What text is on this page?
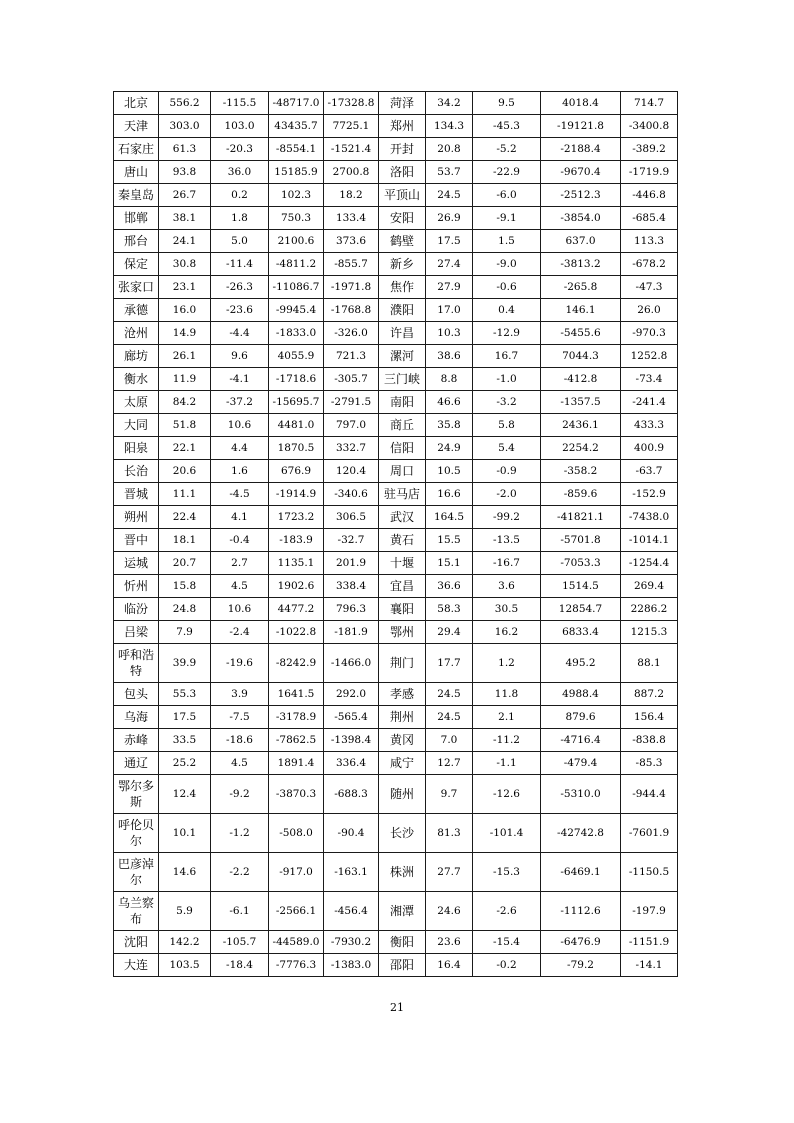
北京	556.2	-115.5	-48717.0	-17328.8	菏泽	34.2	9.5	4018.4	714.7
天津	303.0	103.0	43435.7	7725.1	郑州	134.3	-45.3	-19121.8	-3400.8
石家庄	61.3	-20.3	-8554.1	-1521.4	开封	20.8	-5.2	-2188.4	-389.2
唐山	93.8	36.0	15185.9	2700.8	洛阳	53.7	-22.9	-9670.4	-1719.9
秦皇岛	26.7	0.2	102.3	18.2	平顶山	24.5	-6.0	-2512.3	-446.8
邯郸	38.1	1.8	750.3	133.4	安阳	26.9	-9.1	-3854.0	-685.4
邢台	24.1	5.0	2100.6	373.6	鹤壁	17.5	1.5	637.0	113.3
保定	30.8	-11.4	-4811.2	-855.7	新乡	27.4	-9.0	-3813.2	-678.2
张家口	23.1	-26.3	-11086.7	-1971.8	焦作	27.9	-0.6	-265.8	-47.3
承德	16.0	-23.6	-9945.4	-1768.8	濮阳	17.0	0.4	146.1	26.0
沧州	14.9	-4.4	-1833.0	-326.0	许昌	10.3	-12.9	-5455.6	-970.3
廊坊	26.1	9.6	4055.9	721.3	漯河	38.6	16.7	7044.3	1252.8
衡水	11.9	-4.1	-1718.6	-305.7	三门峡	8.8	-1.0	-412.8	-73.4
太原	84.2	-37.2	-15695.7	-2791.5	南阳	46.6	-3.2	-1357.5	-241.4
大同	51.8	10.6	4481.0	797.0	商丘	35.8	5.8	2436.1	433.3
阳泉	22.1	4.4	1870.5	332.7	信阳	24.9	5.4	2254.2	400.9
长治	20.6	1.6	676.9	120.4	周口	10.5	-0.9	-358.2	-63.7
晋城	11.1	-4.5	-1914.9	-340.6	驻马店	16.6	-2.0	-859.6	-152.9
朔州	22.4	4.1	1723.2	306.5	武汉	164.5	-99.2	-41821.1	-7438.0
晋中	18.1	-0.4	-183.9	-32.7	黄石	15.5	-13.5	-5701.8	-1014.1
运城	20.7	2.7	1135.1	201.9	十堰	15.1	-16.7	-7053.3	-1254.4
忻州	15.8	4.5	1902.6	338.4	宜昌	36.6	3.6	1514.5	269.4
临汾	24.8	10.6	4477.2	796.3	襄阳	58.3	30.5	12854.7	2286.2
吕梁	7.9	-2.4	-1022.8	-181.9	鄂州	29.4	16.2	6833.4	1215.3
呼和浩特	39.9	-19.6	-8242.9	-1466.0	荆门	17.7	1.2	495.2	88.1
包头	55.3	3.9	1641.5	292.0	孝感	24.5	11.8	4988.4	887.2
乌海	17.5	-7.5	-3178.9	-565.4	荆州	24.5	2.1	879.6	156.4
赤峰	33.5	-18.6	-7862.5	-1398.4	黄冈	7.0	-11.2	-4716.4	-838.8
通辽	25.2	4.5	1891.4	336.4	咸宁	12.7	-1.1	-479.4	-85.3
鄂尔多斯	12.4	-9.2	-3870.3	-688.3	随州	9.7	-12.6	-5310.0	-944.4
呼伦贝尔	10.1	-1.2	-508.0	-90.4	长沙	81.3	-101.4	-42742.8	-7601.9
巴彦淖尔	14.6	-2.2	-917.0	-163.1	株洲	27.7	-15.3	-6469.1	-1150.5
乌兰察布	5.9	-6.1	-2566.1	-456.4	湘潭	24.6	-2.6	-1112.6	-197.9
沈阳	142.2	-105.7	-44589.0	-7930.2	衡阳	23.6	-15.4	-6476.9	-1151.9
大连	103.5	-18.4	-7776.3	-1383.0	邵阳	16.4	-0.2	-79.2	-14.1
21
